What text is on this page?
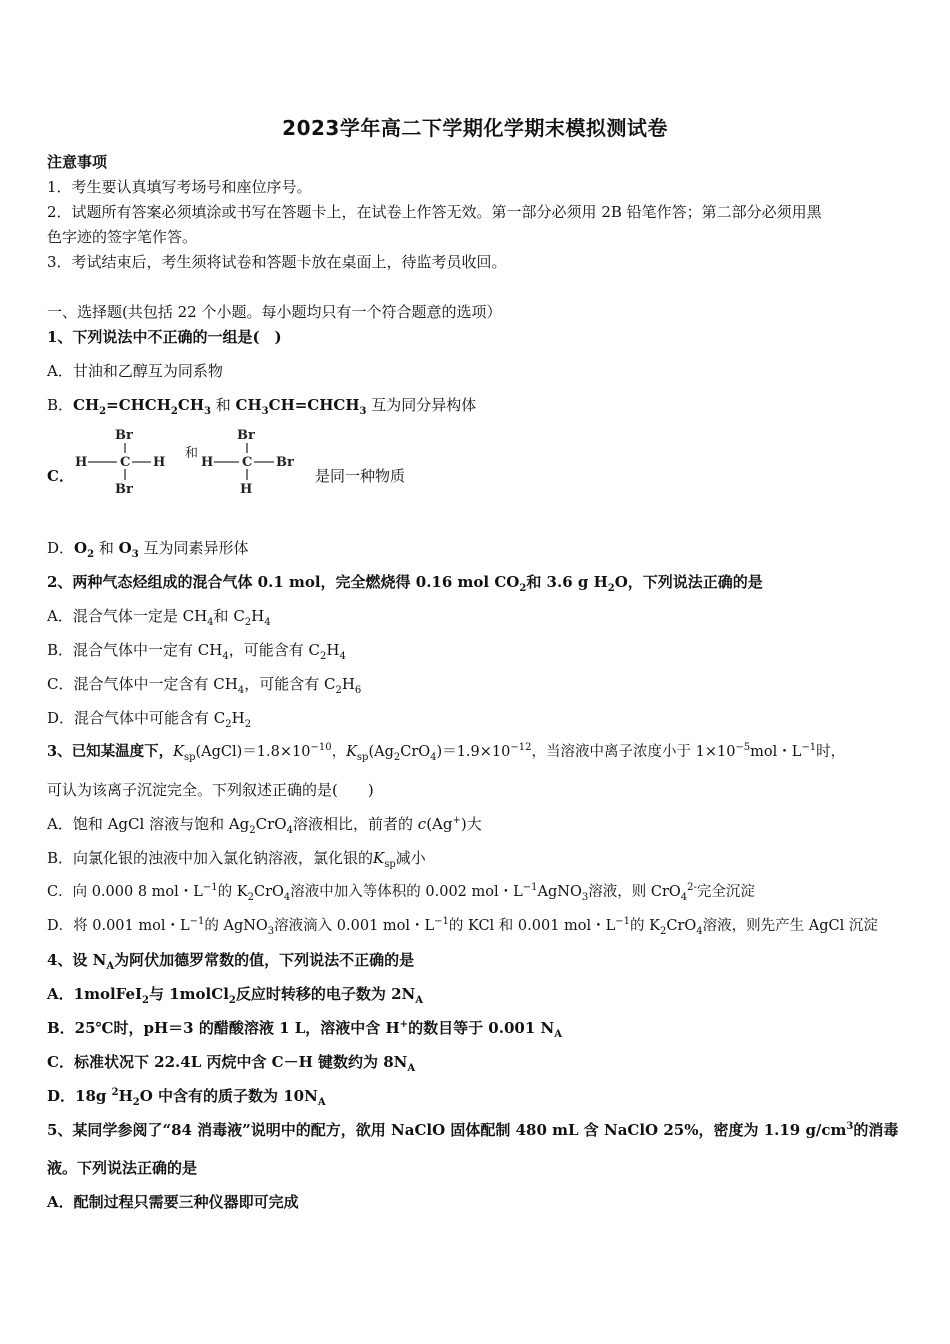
2023学年高二下学期化学期末模拟测试卷
注意事项
1．考生要认真填写考场号和座位序号。
2．试题所有答案必须填涂或书写在答题卡上，在试卷上作答无效。第一部分必须用 2B 铅笔作答；第二部分必须用黑
色字迹的签字笔作答。
3．考试结束后，考生须将试卷和答题卡放在桌面上，待监考员收回。
一、选择题(共包括 22 个小题。每小题均只有一个符合题意的选项）
1、下列说法中不正确的一组是(　)
A．甘油和乙醇互为同系物
B．$CH_2=CHCH_2CH_3$ 和 $CH_3CH=CHCH_3$ 互为同分异构体
C．
Br
H	C H
Br
和
Br
H C Br
H
是同一种物质
D．$O_2$ 和 $O_3$ 互为同素异形体
2、两种气态烃组成的混合气体 0.1 mol，完全燃烧得 0.16 mol $CO_2$和 3.6 g $H_2O$，下列说法正确的是
A．混合气体一定是 $CH_4$和 $C_2H_4$
B．混合气体中一定有 $CH_4$，可能含有 $C_2H_4$
C．混合气体中一定含有 $CH_4$，可能含有 $C_2H_6$
D．混合气体中可能含有 $C_2H_2$
3、已知某温度下，$K_{sp}(AgCl)=1.8\times 10^{-10}$，$K_{sp}(Ag_2CrO_4)=1.9\times 10^{-12}$，当溶液中离子浓度小于 $1\times 10^{-5}mol$・$L^{-1}$时，
可认为该离子沉淀完全。下列叙述正确的是(　　)
A．饱和 AgCl 溶液与饱和 $Ag_2CrO_4$溶液相比，前者的 c(Ag+)大
B．向氯化银的浊液中加入氯化钠溶液，氯化银的$K_{sp}$减小
C．向 0.000 8 mol・$L^{-1}$的 $K_2CrO_4$溶液中加入等体积的 0.002 mol・$L^{-1}AgNO_3$溶液，则 CrO$_4^{2-}$完全沉淀
D．将 0.001 mol・$L^{-1}$的 AgNO$_3$溶液滴入 0.001 mol・$L^{-1}$的 KCl 和 0.001 mol・$L^{-1}$的 $K_2CrO_4$溶液，则先产生 AgCl 沉淀
4、设 $N_A$为阿伏加德罗常数的值，下列说法不正确的是
A．1molFeI$_2$与 1molCl$_2$反应时转移的电子数为 $2N_A$
B．25℃时，pH＝3 的醋酸溶液 1 L，溶液中含 H+的数目等于 0.001 $N_A$
C．标准状况下 22.4L 丙烷中含 C－H 键数约为 $8N_A$
D．18g $^2H_2O$ 中含有的质子数为 $10N_A$
5、某同学参阅了“84 消毒液”说明中的配方，欲用 NaClO 固体配制 480 mL 含 NaClO 25%，密度为 1.19 $g/cm^3$的消毒
液。下列说法正确的是
A．配制过程只需要三种仪器即可完成
